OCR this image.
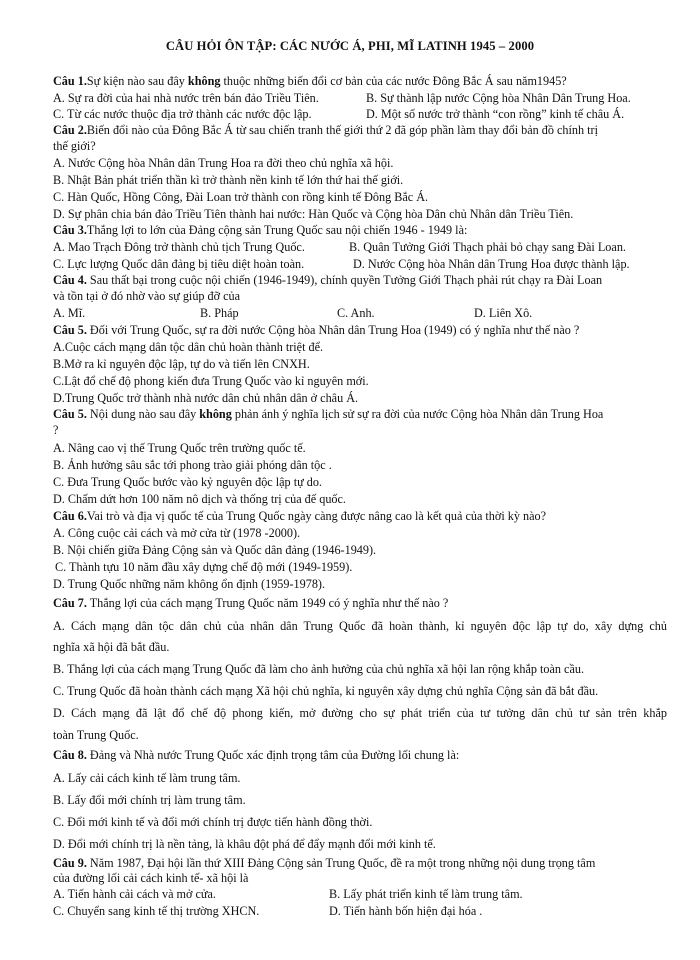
CÂU HỎI ÔN TẬP: CÁC NƯỚC Á, PHI, MĨ LATINH 1945 – 2000
Câu 1.Sự kiện nào sau đây không thuộc những biến đổi cơ bản của các nước Đông Bắc Á sau năm1945?
A. Sự ra đời của hai nhà nước trên bán đảo Triều Tiên.	B. Sự thành lập nước Cộng hòa Nhân Dân Trung Hoa.
C. Từ các nước thuộc địa trở thành các nước độc lập.	D. Một số nước trở thành “con rồng” kinh tế châu Á.
Câu 2.Biến đổi nào của Đông Bắc Á từ sau chiến tranh thế giới thứ 2 đã góp phần làm thay đổi bản đồ chính trị
thế giới?
A. Nước Cộng hòa Nhân dân Trung Hoa ra đời theo chủ nghĩa xã hội.
B. Nhật Bản phát triển thần kì trở thành nền kinh tế lớn thứ hai thế giới.
C. Hàn Quốc, Hồng Công, Đài Loan trở thành con rồng kinh tế Đông Bắc Á.
D. Sự phân chia bán đảo Triều Tiên thành hai nước: Hàn Quốc và Cộng hòa Dân chủ Nhân dân Triều Tiên.
Câu 3.Thắng lợi to lớn của Đảng cộng sản Trung Quốc sau nội chiến 1946 - 1949 là:
A. Mao Trạch Đông trở thành chủ tịch Trung Quốc.	B. Quân Tưởng Giới Thạch phải bỏ chạy sang Đài Loan.
C. Lực lượng Quốc dân đảng bị tiêu diệt hoàn toàn.	D. Nước Cộng hòa Nhân dân Trung Hoa được thành lập.
Câu 4. Sau thất bại trong cuộc nội chiến (1946-1949), chính quyền Tưởng Giới Thạch phải rút chạy ra Đài Loan
và tồn tại ở đó nhờ vào sự giúp đỡ của
A. Mĩ.	B. Pháp	C. Anh.	D. Liên Xô.
Câu 5. Đối với Trung Quốc, sự ra đời nước Cộng hòa Nhân dân Trung Hoa (1949) có ý nghĩa như thế nào ?
A.Cuộc cách mạng dân tộc dân chủ hoàn thành triệt để.
B.Mở ra kỉ nguyên độc lập, tự do và tiến lên CNXH.
C.Lật đổ chế độ phong kiến đưa Trung Quốc vào kỉ nguyên mới.
D.Trung Quốc trở thành nhà nước dân chủ nhân dân ở châu Á.
Câu 5. Nội dung nào sau đây không phản ánh ý nghĩa lịch sử sự ra đời của nước Cộng hòa Nhân dân Trung Hoa
?
A. Nâng cao vị thế Trung Quốc trên trường quốc tế.
B. Ảnh hưởng sâu sắc tới phong trào giải phóng dân tộc .
C. Đưa Trung Quốc bước vào kỷ nguyên độc lập tự do.
D. Chấm dứt hơn 100 năm nô dịch và thống trị của đế quốc.
Câu 6.Vai trò và địa vị quốc tế của Trung Quốc ngày càng được nâng cao là kết quả của thời kỳ nào?
A. Công cuộc cải cách và mở cửa từ (1978 -2000).
B. Nội chiến giữa Đảng Cộng sản và Quốc dân đảng (1946-1949).
C. Thành tựu 10 năm đầu xây dựng chế độ mới (1949-1959).
D. Trung Quốc những năm không ổn định (1959-1978).
Câu 7. Thắng lợi của cách mạng Trung Quốc năm 1949 có ý nghĩa như thế nào ?
A. Cách mạng dân tộc dân chủ của nhân dân Trung Quốc đã hoàn thành, kỉ nguyên độc lập tự do, xây dựng chủ
nghĩa xã hội đã bắt đầu.
B. Thắng lợi của cách mạng Trung Quốc đã làm cho ảnh hưởng của chủ nghĩa xã hội lan rộng khắp toàn cầu.
C. Trung Quốc đã hoàn thành cách mạng Xã hội chủ nghĩa, kỉ nguyên xây dựng chủ nghĩa Cộng sản đã bắt đầu.
D. Cách mạng đã lật đổ chế độ phong kiến, mở đường cho sự phát triển của tư tưởng dân chủ tư sản trên khắp
toàn Trung Quốc.
Câu 8. Đảng và Nhà nước Trung Quốc xác định trọng tâm của Đường lối chung là:
A. Lấy cải cách kinh tế làm trung tâm.
B. Lấy đổi mới chính trị làm trung tâm.
C. Đổi mới kinh tế và đổi mới chính trị được tiến hành đồng thời.
D. Đổi mới chính trị là nền tảng, là khâu đột phá để đẩy mạnh đổi mới kinh tế.
Câu 9. Năm 1987, Đại hội lần thứ XIII Đảng Cộng sản Trung Quốc, đề ra một trong những nội dung trọng tâm
của đường lối cải cách kinh tế- xã hội là
A. Tiến hành cải cách và mở cửa.	B. Lấy phát triển kinh tế làm trung tâm.
C. Chuyển sang kinh tế thị trường XHCN.	D. Tiến hành bốn hiện đại hóa .
